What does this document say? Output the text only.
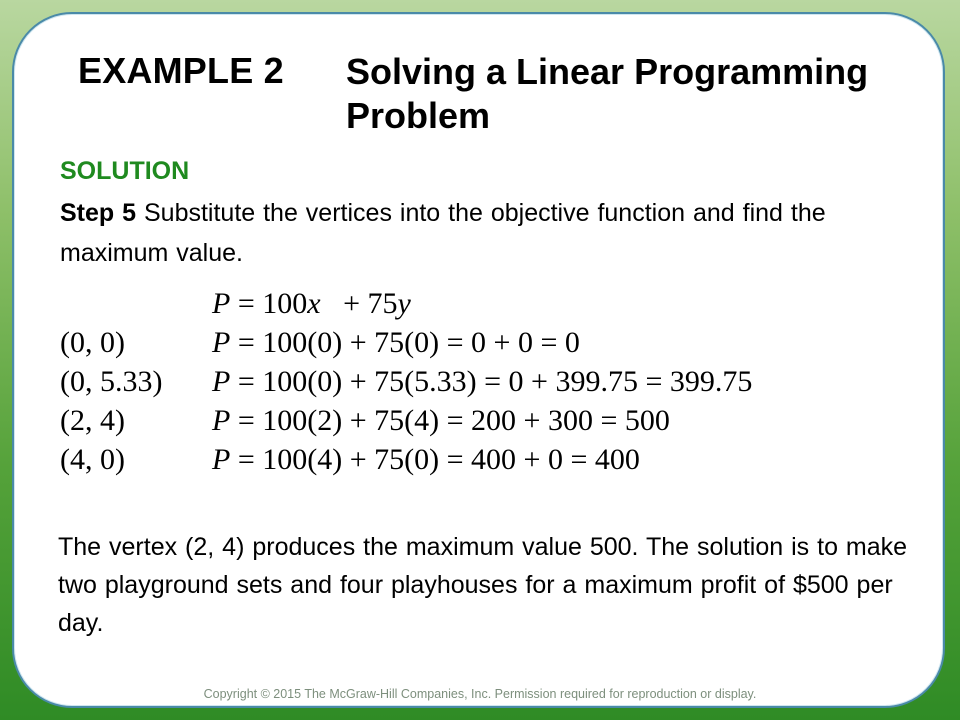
EXAMPLE 2 Solving a Linear Programming Problem
SOLUTION
Step 5 Substitute the vertices into the objective function and find the maximum value.
P = 100x   + 75y
(0, 0)	P = 100(0) + 75(0) = 0 + 0 = 0
(0, 5.33) P = 100(0) + 75(5.33) = 0 + 399.75 = 399.75
(2, 4)	P = 100(2) + 75(4) = 200 + 300 = 500
(4, 0)	P = 100(4) + 75(0) = 400 + 0 = 400
The vertex (2, 4) produces the maximum value 500. The solution is to make two playground sets and four playhouses for a maximum profit of $500 per day.
Copyright © 2015 The McGraw-Hill Companies, Inc. Permission required for reproduction or display.
